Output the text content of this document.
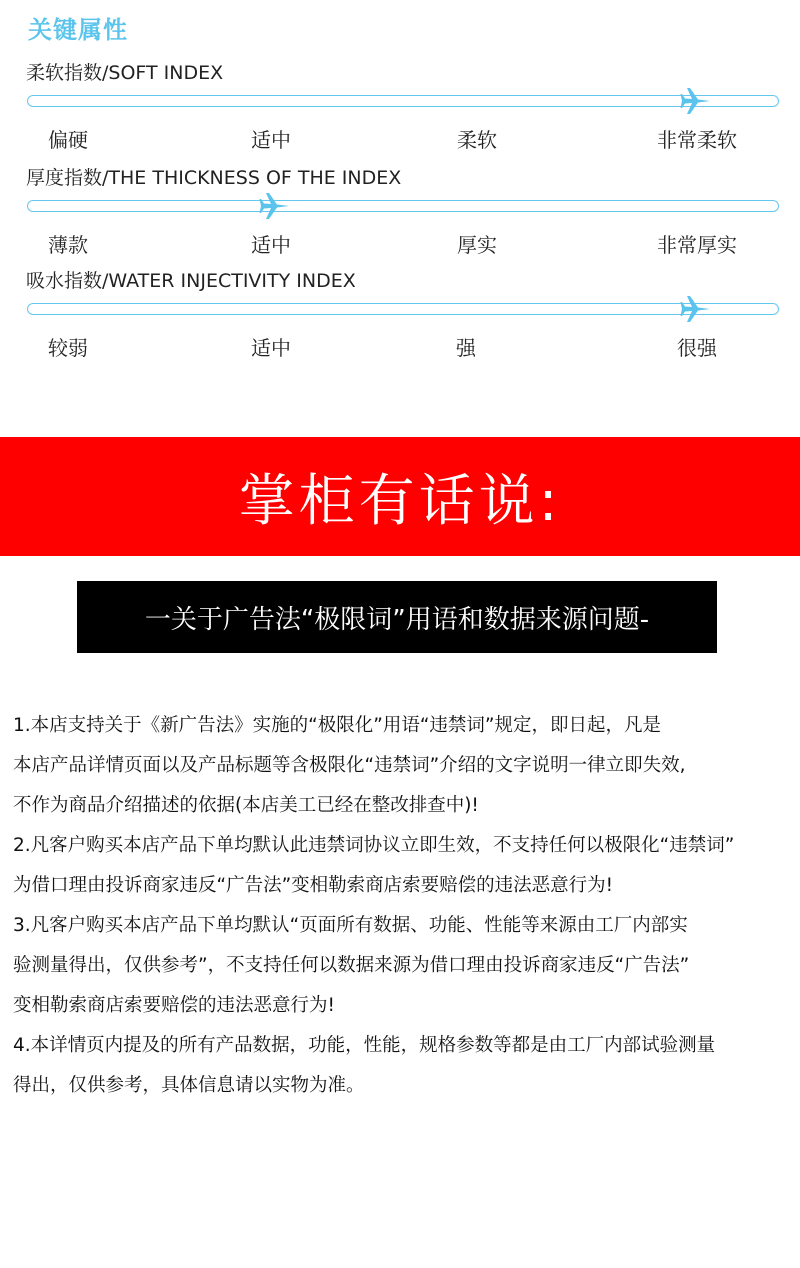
关键属性
柔软指数/SOFT INDEX
偏硬	适中	柔软	非常柔软
厚度指数/THE THICKNESS OF THE INDEX
薄款	适中	厚实	非常厚实
吸水指数/WATER INJECTIVITY INDEX
较弱	适中	强	很强
掌柜有话说:
一关于广告法“极限词”用语和数据来源问题-
1.本店支持关于《新广告法》实施的“极限化”用语“违禁词”规定，即日起，凡是
本店产品详情页面以及产品标题等含极限化“违禁词”介绍的文字说明一律立即失效,
不作为商品介绍描述的依据(本店美工已经在整改排查中)!
2.凡客户购买本店产品下单均默认此违禁词协议立即生效，不支持任何以极限化“违禁词”
为借口理由投诉商家违反“广告法”变相勒索商店索要赔偿的违法恶意行为!
3.凡客户购买本店产品下单均默认“页面所有数据、功能、性能等来源由工厂内部实
验测量得出，仅供参考”，不支持任何以数据来源为借口理由投诉商家违反“广告法”
变相勒索商店索要赔偿的违法恶意行为!
4.本详情页内提及的所有产品数据，功能，性能，规格参数等都是由工厂内部试验测量
得出，仅供参考，具体信息请以实物为准。
